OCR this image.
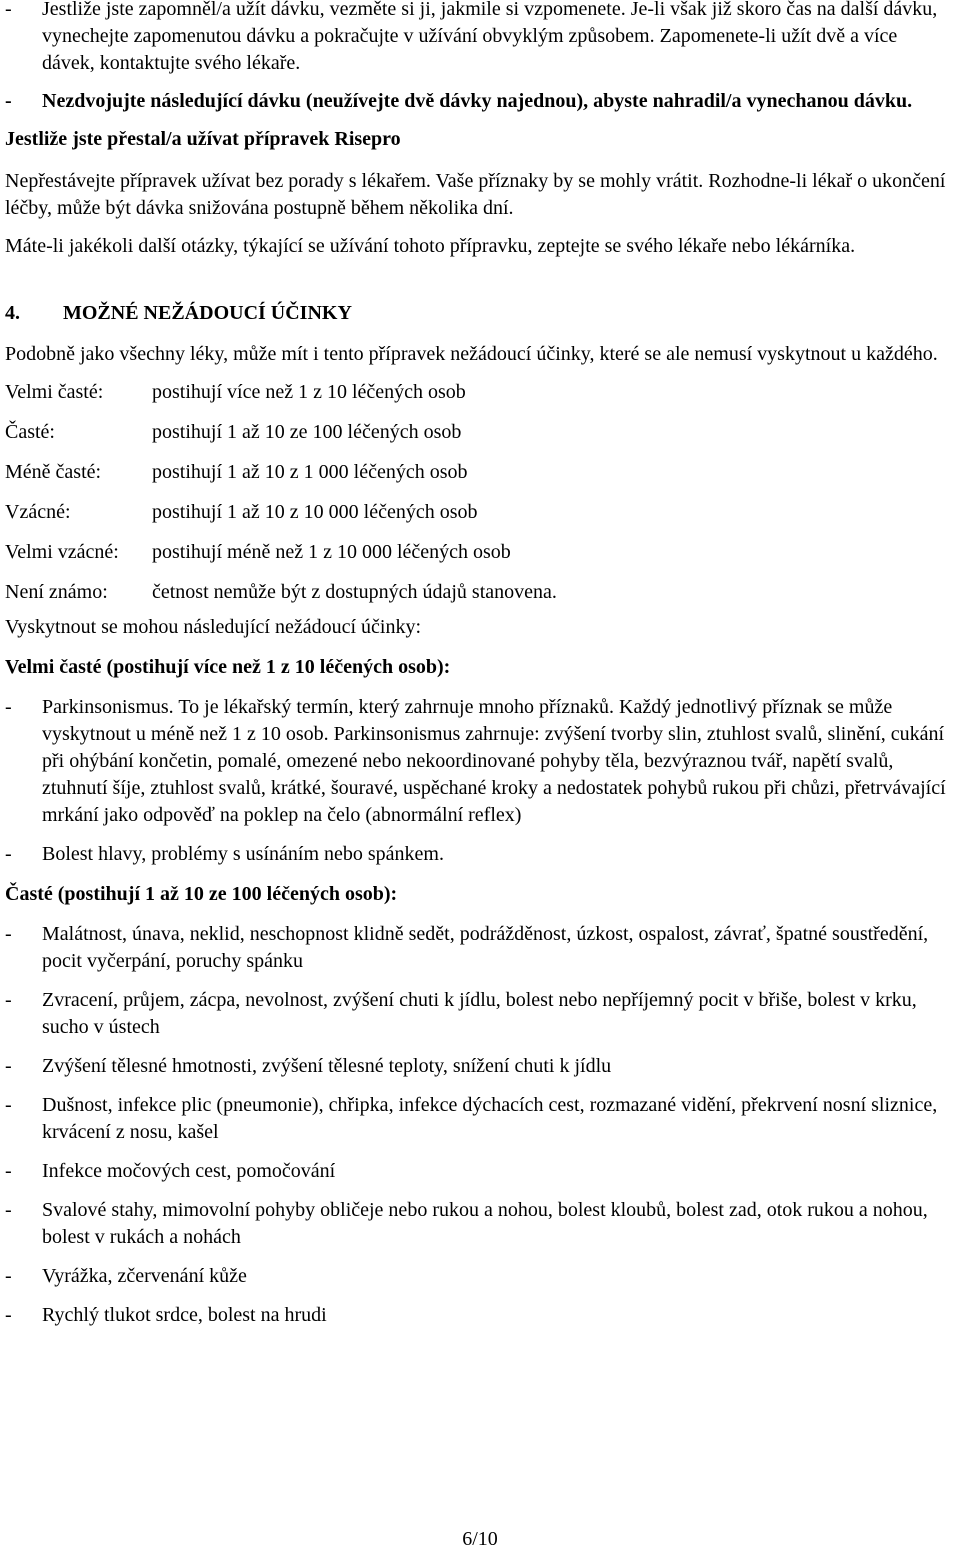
-	Jestliže jste zapomněl/a užít dávku, vezměte si ji, jakmile si vzpomenete. Je-li však již skoro čas na další dávku, vynechejte zapomenutou dávku a pokračujte v užívání obvyklým způsobem. Zapomenete-li užít dvě a více dávek, kontaktujte svého lékaře.
-	Nezdvojujte následující dávku (neužívejte dvě dávky najednou), abyste nahradil/a vynechanou dávku.

Jestliže jste přestal/a užívat přípravek Risepro

Nepřestávejte přípravek užívat bez porady s lékařem. Vaše příznaky by se mohly vrátit. Rozhodne-li lékař o ukončení léčby, může být dávka snižována postupně během několika dní.

Máte-li jakékoli další otázky, týkající se užívání tohoto přípravku, zeptejte se svého lékaře nebo lékárníka.

4.	MOŽNÉ NEŽÁDOUCÍ ÚČINKY

Podobně jako všechny léky, může mít i tento přípravek nežádoucí účinky, které se ale nemusí vyskytnout u každého.

Velmi časté:	postihují více než 1 z 10 léčených osob
Časté:	postihují 1 až 10 ze 100 léčených osob
Méně časté:	postihují 1 až 10 z 1 000 léčených osob
Vzácné:	postihují 1 až 10 z 10 000 léčených osob
Velmi vzácné:	postihují méně než 1 z 10 000 léčených osob
Není známo:	četnost nemůže být z dostupných údajů stanovena.

Vyskytnout se mohou následující nežádoucí účinky:

Velmi časté (postihují více než 1 z 10 léčených osob):

-	Parkinsonismus. To je lékařský termín, který zahrnuje mnoho příznaků. Každý jednotlivý příznak se může vyskytnout u méně než 1 z 10 osob. Parkinsonismus zahrnuje: zvýšení tvorby slin, ztuhlost svalů, slinění, cukání při ohýbání končetin, pomalé, omezené nebo nekoordinované pohyby těla, bezvýraznou tvář, napětí svalů, ztuhnutí šíje, ztuhlost svalů, krátké, šouravé, uspěchané kroky a nedostatek pohybů rukou při chůzi, přetrvávající mrkání jako odpověď na poklep na čelo (abnormální reflex)
-	Bolest hlavy, problémy s usínáním nebo spánkem.

Časté (postihují 1 až 10 ze 100 léčených osob):

-	Malátnost, únava, neklid, neschopnost klidně sedět, podrážděnost, úzkost, ospalost, závrať, špatné soustředění, pocit vyčerpání, poruchy spánku
-	Zvracení, průjem, zácpa, nevolnost, zvýšení chuti k jídlu, bolest nebo nepříjemný pocit v břiše, bolest v krku, sucho v ústech
-	Zvýšení tělesné hmotnosti, zvýšení tělesné teploty, snížení chuti k jídlu
-	Dušnost, infekce plic (pneumonie), chřipka, infekce dýchacích cest, rozmazané vidění, překrvení nosní sliznice, krvácení z nosu, kašel
-	Infekce močových cest, pomočování
-	Svalové stahy, mimovolní pohyby obličeje nebo rukou a nohou, bolest kloubů, bolest zad, otok rukou a nohou, bolest v rukách a nohách
-	Vyrážka, zčervenání kůže
-	Rychlý tlukot srdce, bolest na hrudi
6/10
